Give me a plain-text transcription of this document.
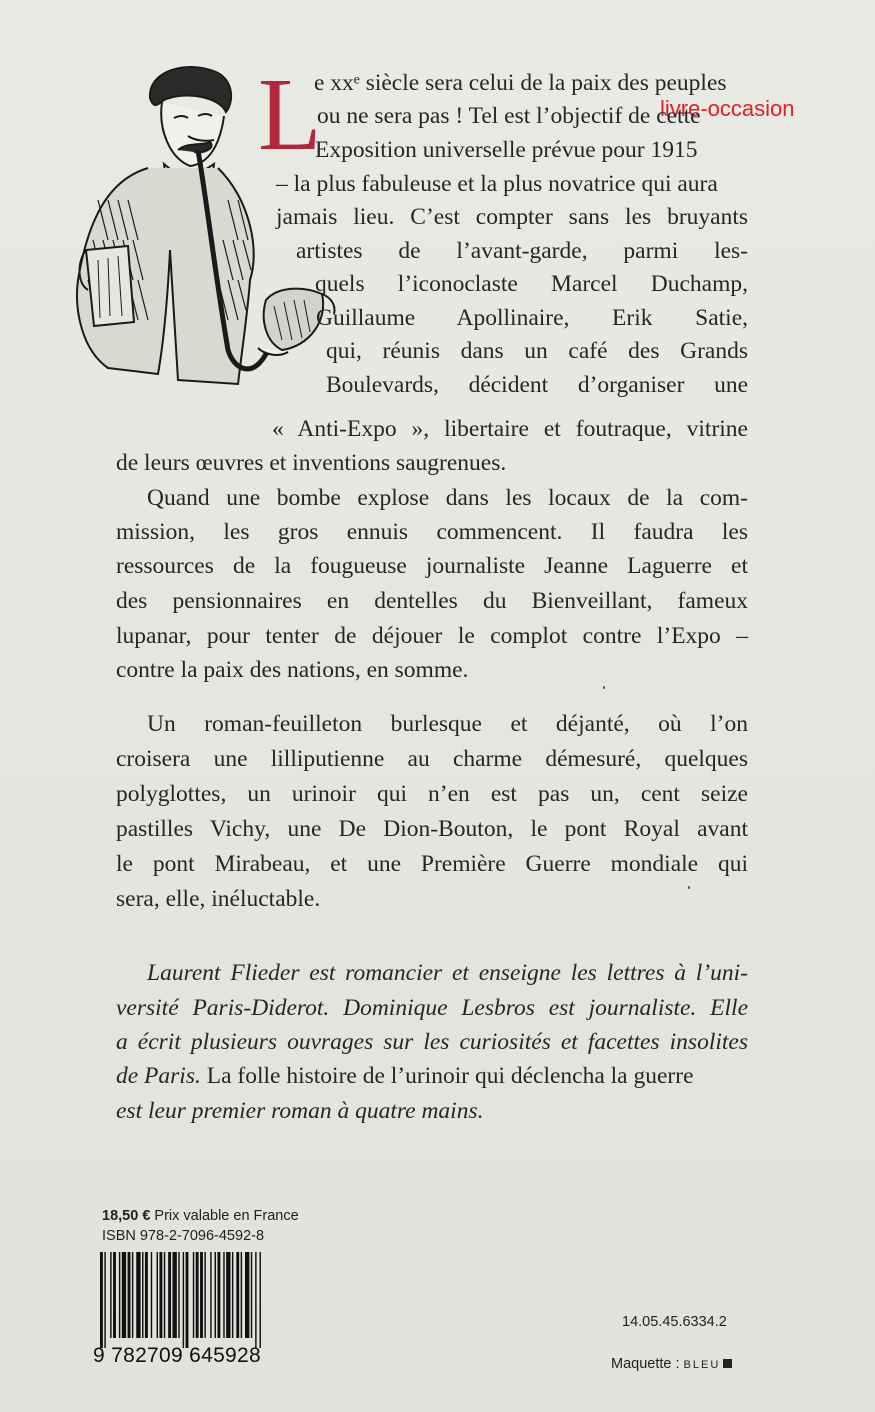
livre-occasion
L

e xxᵉ siècle sera celui de la paix des peuples

ou ne sera pas ! Tel est l’objectif de cette

Exposition universelle prévue pour 1915

– la plus fabuleuse et la plus novatrice qui aura

jamais lieu. C’est compter sans les bruyants

artistes de l’avant-garde, parmi les-

quels l’iconoclaste Marcel Duchamp,

Guillaume Apollinaire, Erik Satie,

qui, réunis dans un café des Grands

Boulevards, décident d’organiser une

« Anti-Expo », libertaire et foutraque, vitrine

de leurs œuvres et inventions saugrenues.

Quand une bombe explose dans les locaux de la com-

mission, les gros ennuis commencent. Il faudra les

ressources de la fougueuse journaliste Jeanne Laguerre et

des pensionnaires en dentelles du Bienveillant, fameux

lupanar, pour tenter de déjouer le complot contre l’Expo –

contre la paix des nations, en somme.

Un roman-feuilleton burlesque et déjanté, où l’on

croisera une lilliputienne au charme démesuré, quelques

polyglottes, un urinoir qui n’en est pas un, cent seize

pastilles Vichy, une De Dion-Bouton, le pont Royal avant

le pont Mirabeau, et une Première Guerre mondiale qui

sera, elle, inéluctable.

Laurent Flieder est romancier et enseigne les lettres à l’uni-

versité Paris-Diderot. Dominique Lesbros est journaliste. Elle

a écrit plusieurs ouvrages sur les curiosités et facettes insolites

de Paris. La folle histoire de l’urinoir qui déclencha la guerre

est leur premier roman à quatre mains.

18,50 € Prix valable en France
ISBN 978-2-7096-4592-8
9 782709 645928
14.05.45.6334.2
Maquette : BLEU
